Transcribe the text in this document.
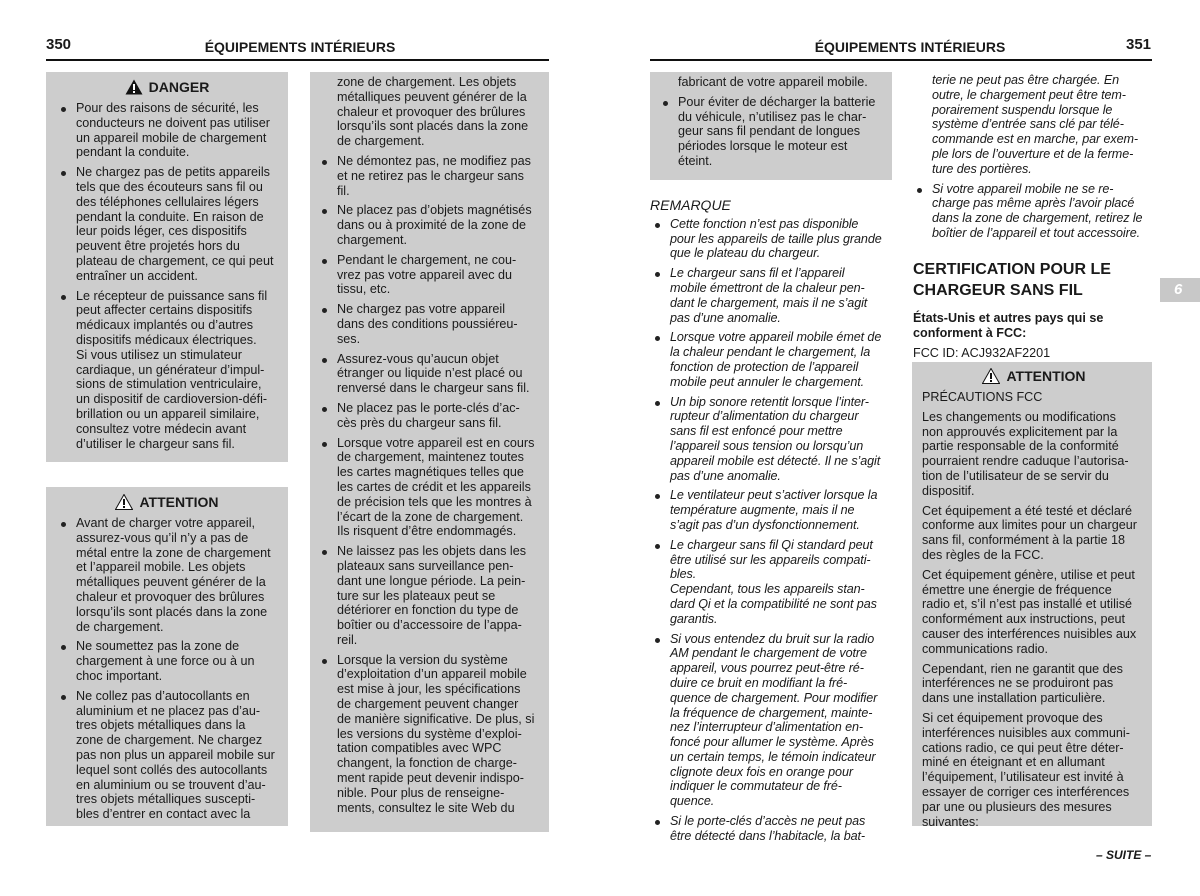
350	ÉQUIPEMENTS INTÉRIEURS
DANGER
Pour des raisons de sécurité, les
conducteurs ne doivent pas utiliser
un appareil mobile de chargement
pendant la conduite.
Ne chargez pas de petits appareils
tels que des écouteurs sans fil ou
des téléphones cellulaires légers
pendant la conduite. En raison de
leur poids léger, ces dispositifs
peuvent être projetés hors du
plateau de chargement, ce qui peut
entraîner un accident.
Le récepteur de puissance sans fil
peut affecter certains dispositifs
médicaux implantés ou d’autres
dispositifs médicaux électriques.
Si vous utilisez un stimulateur
cardiaque, un générateur d’impul-
sions de stimulation ventriculaire,
un dispositif de cardioversion-défi-
brillation ou un appareil similaire,
consultez votre médecin avant
d’utiliser le chargeur sans fil.
ATTENTION
Avant de charger votre appareil,
assurez-vous qu’il n’y a pas de
métal entre la zone de chargement
et l’appareil mobile. Les objets
métalliques peuvent générer de la
chaleur et provoquer des brûlures
lorsqu’ils sont placés dans la zone
de chargement.
Ne soumettez pas la zone de
chargement à une force ou à un
choc important.
Ne collez pas d’autocollants en
aluminium et ne placez pas d’au-
tres objets métalliques dans la
zone de chargement. Ne chargez
pas non plus un appareil mobile sur
lequel sont collés des autocollants
en aluminium ou se trouvent d’au-
tres objets métalliques suscepti-
bles d’entrer en contact avec la
zone de chargement. Les objets
métalliques peuvent générer de la
chaleur et provoquer des brûlures
lorsqu’ils sont placés dans la zone
de chargement.
Ne démontez pas, ne modifiez pas
et ne retirez pas le chargeur sans
fil.
Ne placez pas d’objets magnétisés
dans ou à proximité de la zone de
chargement.
Pendant le chargement, ne cou-
vrez pas votre appareil avec du
tissu, etc.
Ne chargez pas votre appareil
dans des conditions poussiéreu-
ses.
Assurez-vous qu’aucun objet
étranger ou liquide n’est placé ou
renversé dans le chargeur sans fil.
Ne placez pas le porte-clés d’ac-
cès près du chargeur sans fil.
Lorsque votre appareil est en cours
de chargement, maintenez toutes
les cartes magnétiques telles que
les cartes de crédit et les appareils
de précision tels que les montres à
l’écart de la zone de chargement.
Ils risquent d’être endommagés.
Ne laissez pas les objets dans les
plateaux sans surveillance pen-
dant une longue période. La pein-
ture sur les plateaux peut se
détériorer en fonction du type de
boîtier ou d’accessoire de l’appa-
reil.
Lorsque la version du système
d’exploitation d’un appareil mobile
est mise à jour, les spécifications
de chargement peuvent changer
de manière significative. De plus, si
les versions du système d’exploi-
tation compatibles avec WPC
changent, la fonction de charge-
ment rapide peut devenir indispo-
nible. Pour plus de renseigne-
ments, consultez le site Web du
ÉQUIPEMENTS INTÉRIEURS	351
6
fabricant de votre appareil mobile.
Pour éviter de décharger la batterie
du véhicule, n’utilisez pas le char-
geur sans fil pendant de longues
périodes lorsque le moteur est
éteint.
REMARQUE
Cette fonction n’est pas disponible
pour les appareils de taille plus grande
que le plateau du chargeur.
Le chargeur sans fil et l’appareil
mobile émettront de la chaleur pen-
dant le chargement, mais il ne s’agit
pas d’une anomalie.
Lorsque votre appareil mobile émet de
la chaleur pendant le chargement, la
fonction de protection de l’appareil
mobile peut annuler le chargement.
Un bip sonore retentit lorsque l’inter-
rupteur d’alimentation du chargeur
sans fil est enfoncé pour mettre
l’appareil sous tension ou lorsqu’un
appareil mobile est détecté. Il ne s’agit
pas d’une anomalie.
Le ventilateur peut s’activer lorsque la
température augmente, mais il ne
s’agit pas d’un dysfonctionnement.
Le chargeur sans fil Qi standard peut
être utilisé sur les appareils compati-
bles.
Cependant, tous les appareils stan-
dard Qi et la compatibilité ne sont pas
garantis.
Si vous entendez du bruit sur la radio
AM pendant le chargement de votre
appareil, vous pourrez peut-être ré-
duire ce bruit en modifiant la fré-
quence de chargement. Pour modifier
la fréquence de chargement, mainte-
nez l’interrupteur d’alimentation en-
foncé pour allumer le système. Après
un certain temps, le témoin indicateur
clignote deux fois en orange pour
indiquer le commutateur de fré-
quence.
Si le porte-clés d’accès ne peut pas
être détecté dans l’habitacle, la bat-
terie ne peut pas être chargée. En
outre, le chargement peut être tem-
porairement suspendu lorsque le
système d’entrée sans clé par télé-
commande est en marche, par exem-
ple lors de l’ouverture et de la ferme-
ture des portières.
Si votre appareil mobile ne se re-
charge pas même après l’avoir placé
dans la zone de chargement, retirez le
boîtier de l’appareil et tout accessoire.
CERTIFICATION POUR LE
CHARGEUR SANS FIL
États-Unis et autres pays qui se
conforment à FCC:
FCC ID: ACJ932AF2201
ATTENTION
PRÉCAUTIONS FCC
Les changements ou modifications
non approuvés explicitement par la
partie responsable de la conformité
pourraient rendre caduque l’autorisa-
tion de l’utilisateur de se servir du
dispositif.
Cet équipement a été testé et déclaré
conforme aux limites pour un chargeur
sans fil, conformément à la partie 18
des règles de la FCC.
Cet équipement génère, utilise et peut
émettre une énergie de fréquence
radio et, s’il n’est pas installé et utilisé
conformément aux instructions, peut
causer des interférences nuisibles aux
communications radio.
Cependant, rien ne garantit que des
interférences ne se produiront pas
dans une installation particulière.
Si cet équipement provoque des
interférences nuisibles aux communi-
cations radio, ce qui peut être déter-
miné en éteignant et en allumant
l’équipement, l’utilisateur est invité à
essayer de corriger ces interférences
par une ou plusieurs des mesures
suivantes:
– SUITE –
